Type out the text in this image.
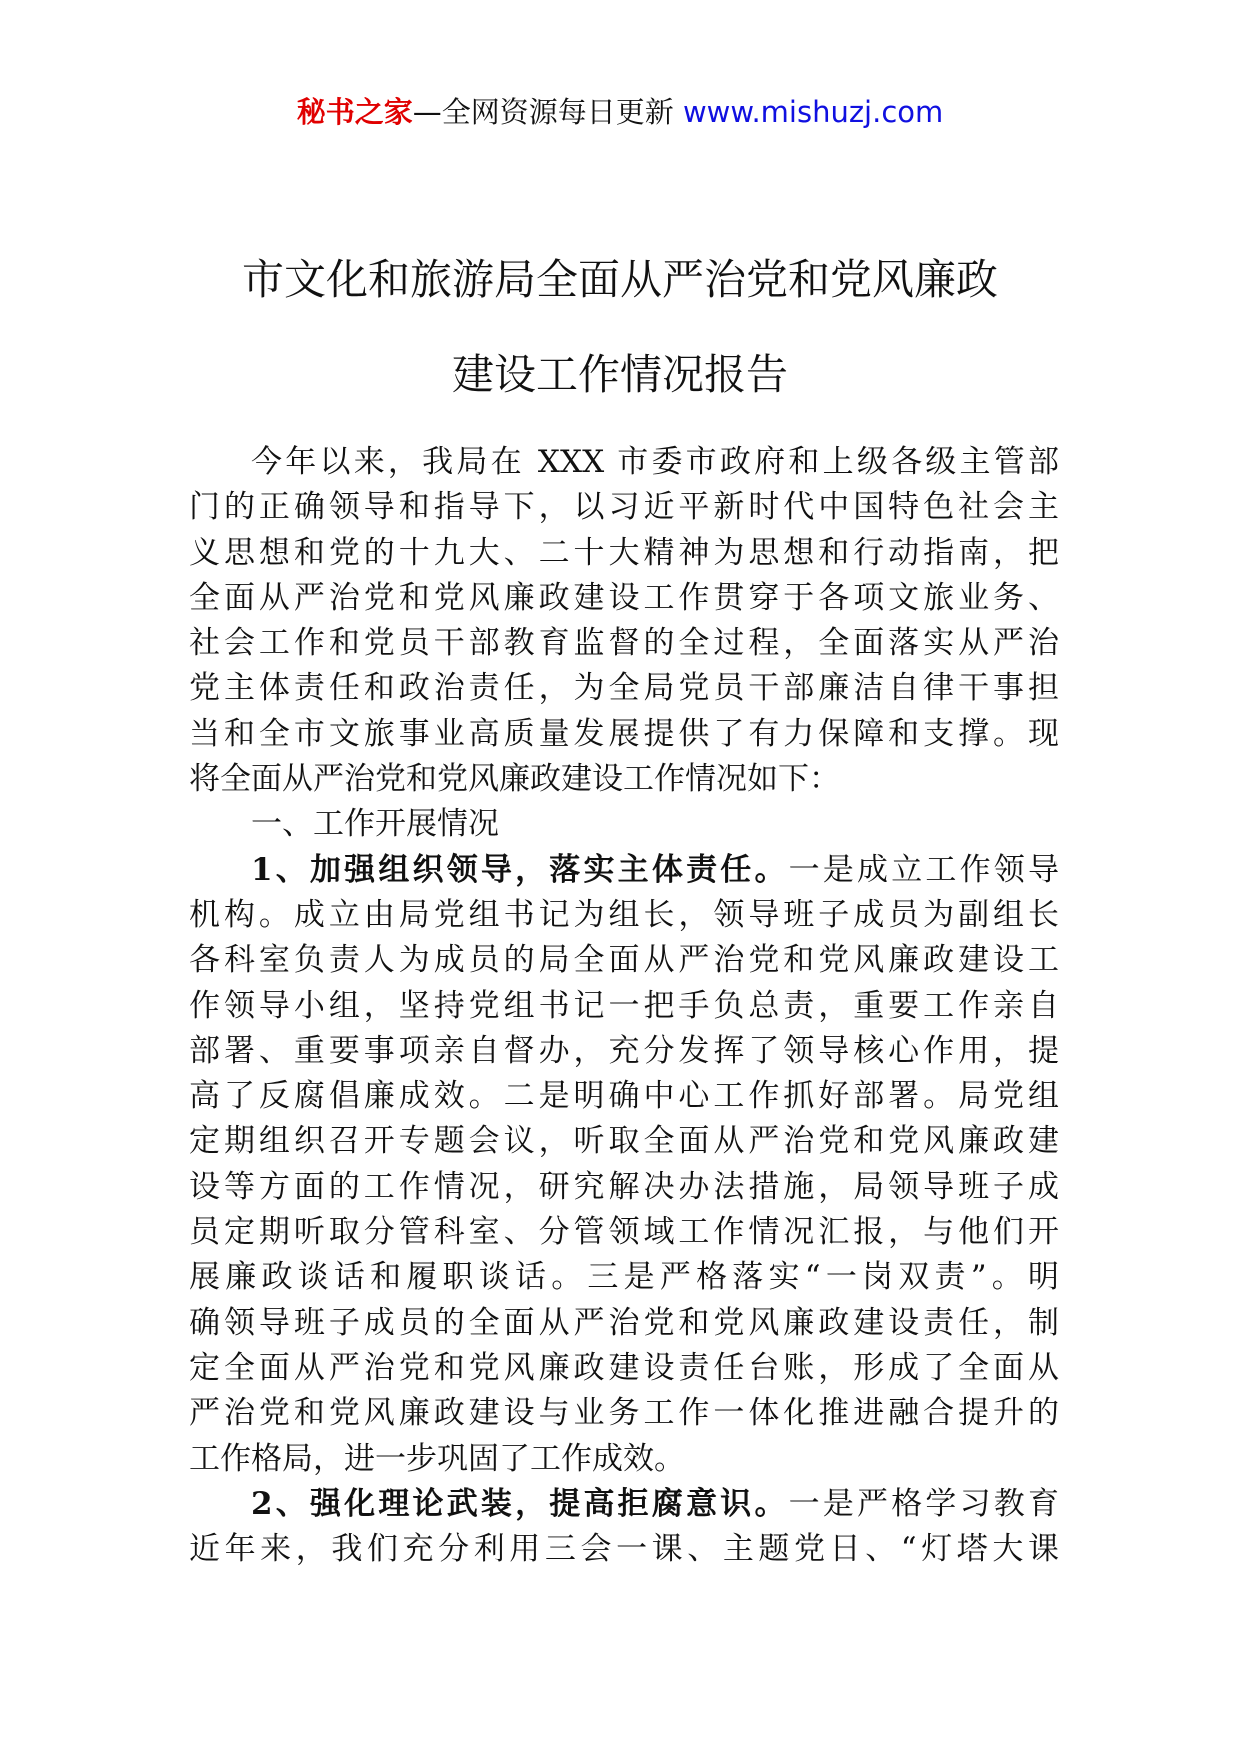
秘书之家—全网资源每日更新 www.mishuzj.com
市文化和旅游局全面从严治党和党风廉政
建设工作情况报告
今年以来，我局在 XXX 市委市政府和上级各级主管部
门的正确领导和指导下，以习近平新时代中国特色社会主
义思想和党的十九大、二十大精神为思想和行动指南，把
全面从严治党和党风廉政建设工作贯穿于各项文旅业务、
社会工作和党员干部教育监督的全过程，全面落实从严治
党主体责任和政治责任，为全局党员干部廉洁自律干事担
当和全市文旅事业高质量发展提供了有力保障和支撑。现
将全面从严治党和党风廉政建设工作情况如下：
一、工作开展情况
1、加强组织领导，落实主体责任。一是成立工作领导
机构。成立由局党组书记为组长，领导班子成员为副组长
各科室负责人为成员的局全面从严治党和党风廉政建设工
作领导小组，坚持党组书记一把手负总责，重要工作亲自
部署、重要事项亲自督办，充分发挥了领导核心作用，提
高了反腐倡廉成效。二是明确中心工作抓好部署。局党组
定期组织召开专题会议，听取全面从严治党和党风廉政建
设等方面的工作情况，研究解决办法措施，局领导班子成
员定期听取分管科室、分管领域工作情况汇报，与他们开
展廉政谈话和履职谈话。三是严格落实“一岗双责”。明
确领导班子成员的全面从严治党和党风廉政建设责任，制
定全面从严治党和党风廉政建设责任台账，形成了全面从
严治党和党风廉政建设与业务工作一体化推进融合提升的
工作格局，进一步巩固了工作成效。
2、强化理论武装，提高拒腐意识。一是严格学习教育
近年来，我们充分利用三会一课、主题党日、“灯塔大课
